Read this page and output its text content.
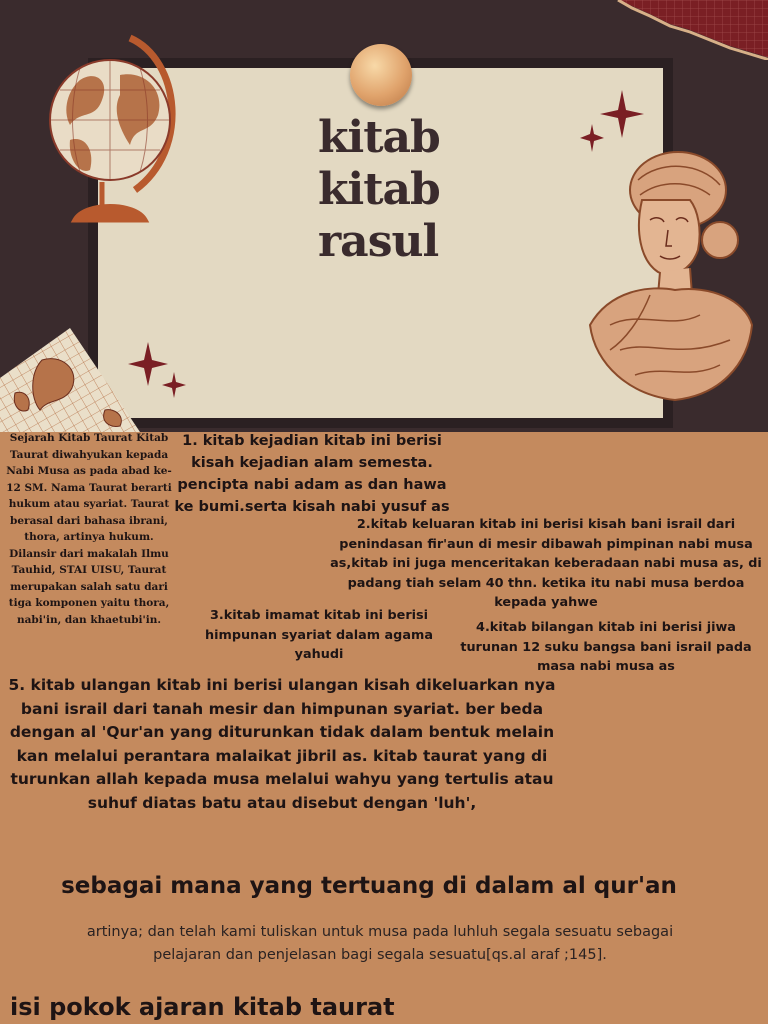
kitab
kitab
rasul

Sejarah Kitab Taurat Kitab Taurat diwahyukan kepada Nabi Musa as pada abad ke-12 SM. Nama Taurat berarti hukum atau syariat. Taurat berasal dari bahasa ibrani, thora, artinya hukum. Dilansir dari makalah Ilmu Tauhid, STAI UISU, Taurat merupakan salah satu dari tiga komponen yaitu thora, nabi'in, dan khaetubi'in.

1. kitab kejadian kitab ini berisi kisah kejadian alam semesta. pencipta nabi adam as dan hawa ke bumi.serta kisah nabi yusuf as

2.kitab keluaran kitab ini berisi kisah bani israil dari penindasan fir'aun di mesir dibawah pimpinan nabi musa as,kitab ini juga menceritakan keberadaan nabi musa as, di padang tiah selam 40 thn. ketika itu nabi musa berdoa kepada yahwe

3.kitab imamat kitab ini berisi himpunan syariat dalam agama yahudi

4.kitab bilangan kitab ini berisi jiwa turunan 12 suku bangsa bani israil pada masa nabi musa as

5. kitab ulangan kitab ini berisi ulangan kisah dikeluarkan nya bani israil dari tanah mesir dan himpunan syariat. ber beda dengan al 'Qur'an yang diturunkan tidak dalam bentuk melain kan melalui perantara malaikat jibril as. kitab taurat yang di turunkan allah kepada musa melalui wahyu yang tertulis atau suhuf diatas batu atau disebut dengan 'luh',

sebagai mana yang tertuang di dalam al qur'an

artinya; dan telah kami tuliskan untuk musa pada luhluh segala sesuatu sebagai pelajaran dan penjelasan bagi segala sesuatu[qs.al araf ;145].

isi pokok ajaran kitab taurat
